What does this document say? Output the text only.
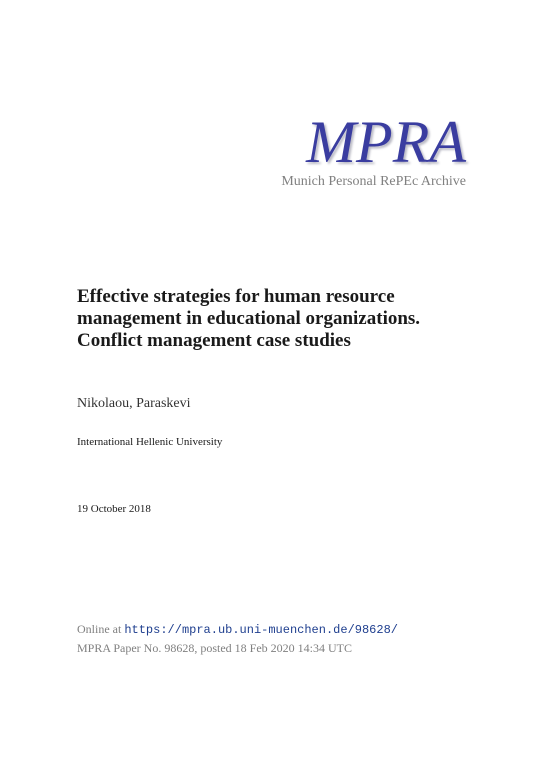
MPRA
Munich Personal RePEc Archive
Effective strategies for human resource management in educational organizations. Conflict management case studies
Nikolaou, Paraskevi
International Hellenic University
19 October 2018
Online at https://mpra.ub.uni-muenchen.de/98628/
MPRA Paper No. 98628, posted 18 Feb 2020 14:34 UTC
